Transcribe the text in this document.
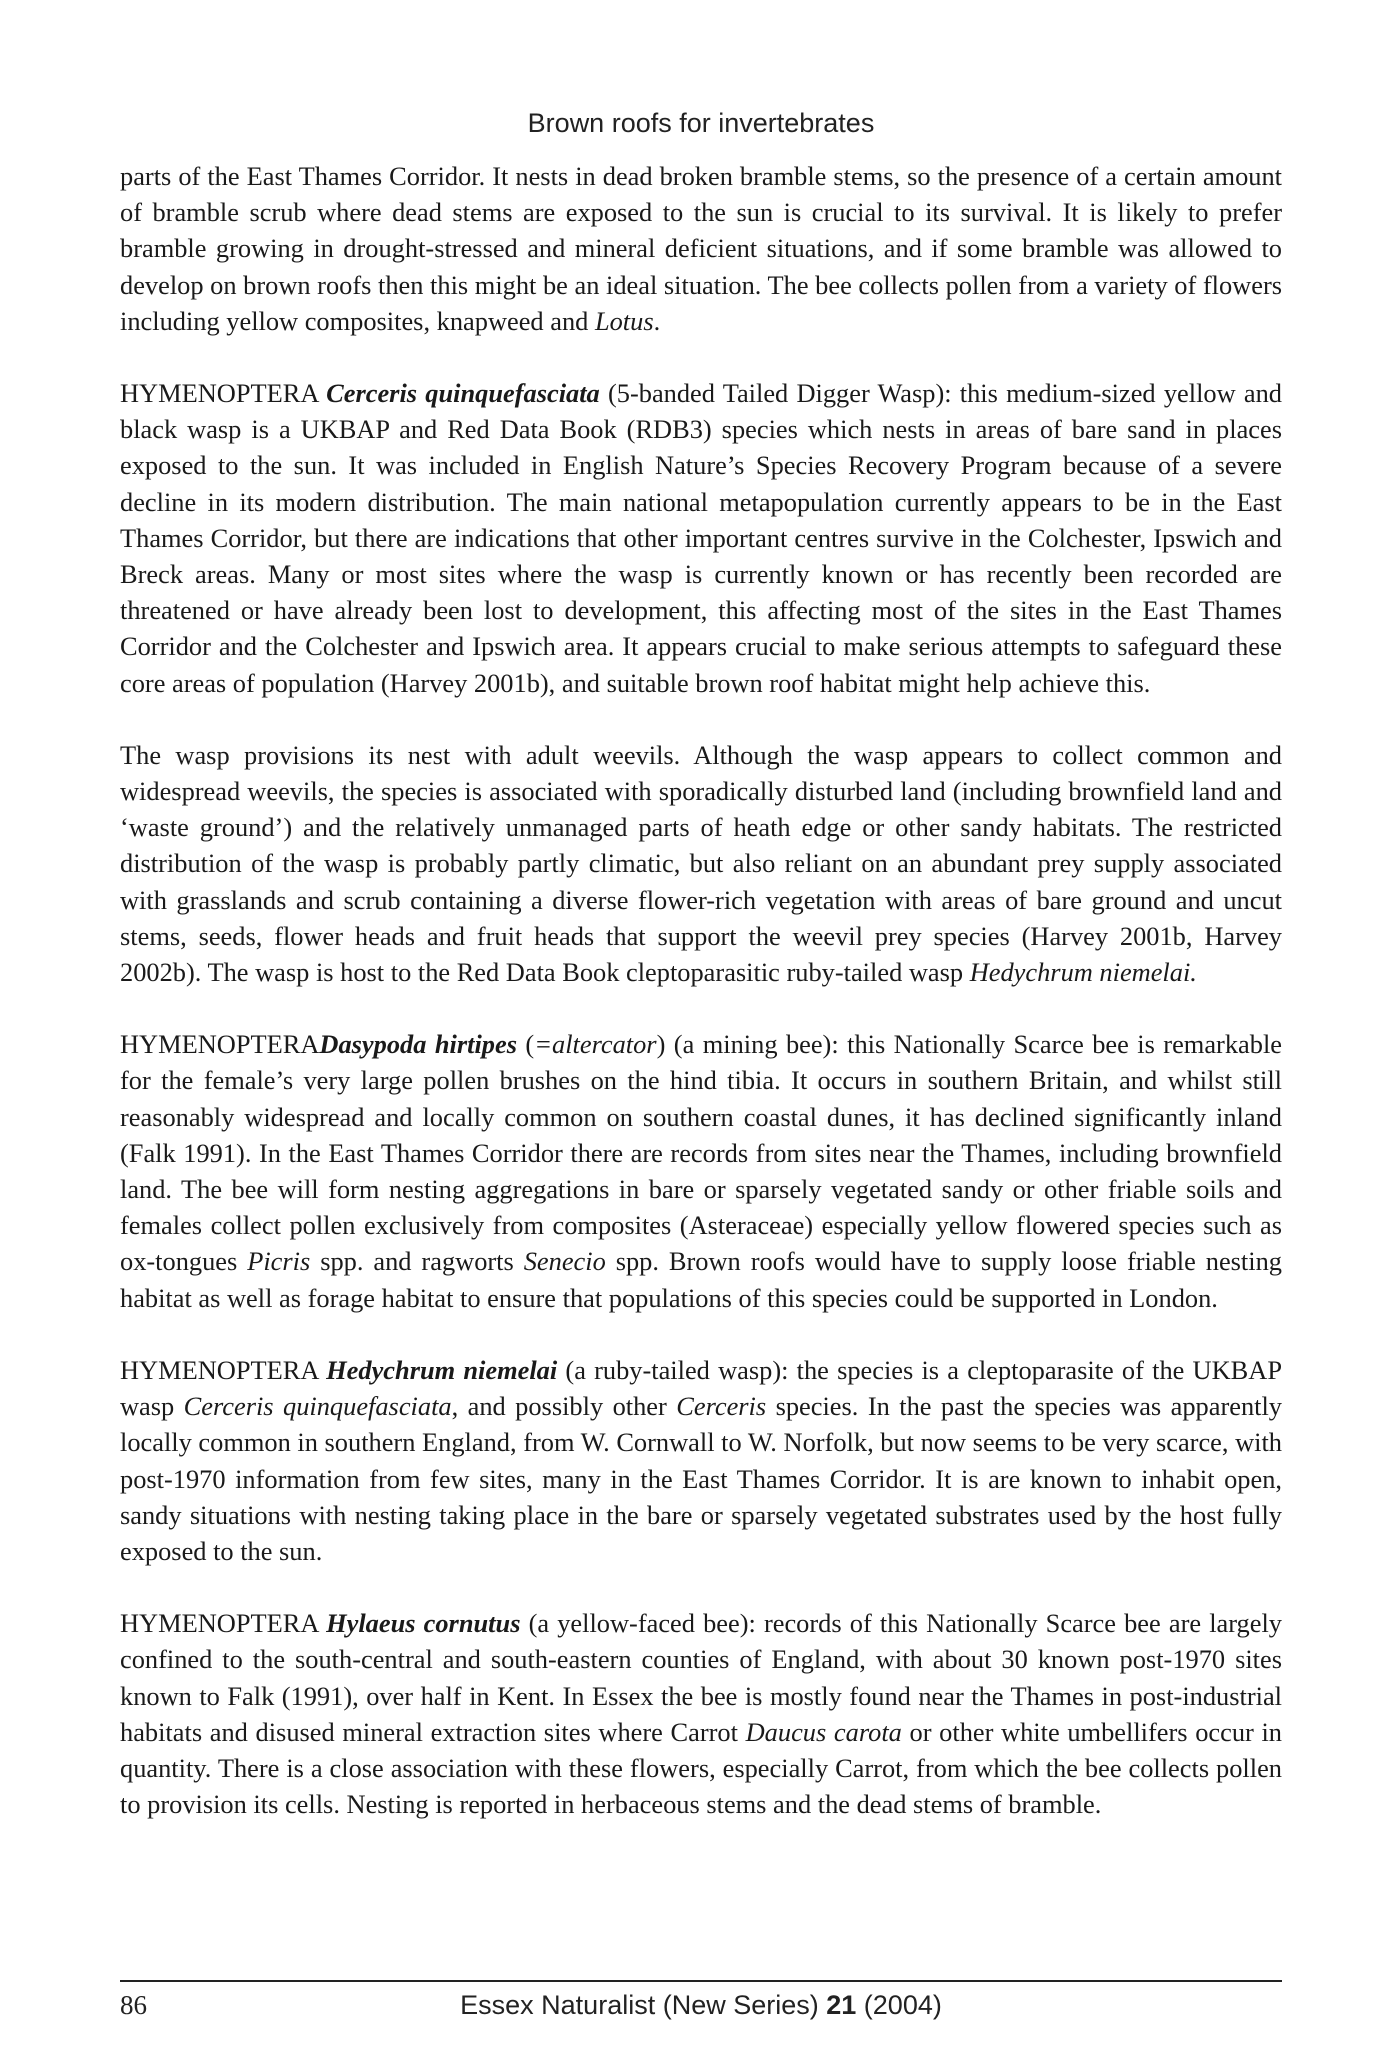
Brown roofs for invertebrates

parts of the East Thames Corridor. It nests in dead broken bramble stems, so the presence of a certain amount of bramble scrub where dead stems are exposed to the sun is crucial to its survival. It is likely to prefer bramble growing in drought-stressed and mineral deficient situations, and if some bramble was allowed to develop on brown roofs then this might be an ideal situation. The bee collects pollen from a variety of flowers including yellow composites, knapweed and Lotus.

HYMENOPTERA Cerceris quinquefasciata (5-banded Tailed Digger Wasp): this medium-sized yellow and black wasp is a UKBAP and Red Data Book (RDB3) species which nests in areas of bare sand in places exposed to the sun. It was included in English Nature’s Species Recovery Program because of a severe decline in its modern distribution. The main national metapopulation currently appears to be in the East Thames Corridor, but there are indications that other important centres survive in the Colchester, Ipswich and Breck areas. Many or most sites where the wasp is currently known or has recently been recorded are threatened or have already been lost to development, this affecting most of the sites in the East Thames Corridor and the Colchester and Ipswich area. It appears crucial to make serious attempts to safeguard these core areas of population (Harvey 2001b), and suitable brown roof habitat might help achieve this.

The wasp provisions its nest with adult weevils. Although the wasp appears to collect common and widespread weevils, the species is associated with sporadically disturbed land (including brownfield land and ‘waste ground’) and the relatively unmanaged parts of heath edge or other sandy habitats. The restricted distribution of the wasp is probably partly climatic, but also reliant on an abundant prey supply associated with grasslands and scrub containing a diverse flower-rich vegetation with areas of bare ground and uncut stems, seeds, flower heads and fruit heads that support the weevil prey species (Harvey 2001b, Harvey 2002b). The wasp is host to the Red Data Book cleptoparasitic ruby-tailed wasp Hedychrum niemelai.

HYMENOPTERADasypoda hirtipes (=altercator) (a mining bee): this Nationally Scarce bee is remarkable for the female’s very large pollen brushes on the hind tibia. It occurs in southern Britain, and whilst still reasonably widespread and locally common on southern coastal dunes, it has declined significantly inland (Falk 1991). In the East Thames Corridor there are records from sites near the Thames, including brownfield land. The bee will form nesting aggregations in bare or sparsely vegetated sandy or other friable soils and females collect pollen exclusively from composites (Asteraceae) especially yellow flowered species such as ox-tongues Picris spp. and ragworts Senecio spp. Brown roofs would have to supply loose friable nesting habitat as well as forage habitat to ensure that populations of this species could be supported in London.

HYMENOPTERA Hedychrum niemelai (a ruby-tailed wasp): the species is a cleptoparasite of the UKBAP wasp Cerceris quinquefasciata, and possibly other Cerceris species. In the past the species was apparently locally common in southern England, from W. Cornwall to W. Norfolk, but now seems to be very scarce, with post-1970 information from few sites, many in the East Thames Corridor. It is are known to inhabit open, sandy situations with nesting taking place in the bare or sparsely vegetated substrates used by the host fully exposed to the sun.

HYMENOPTERA Hylaeus cornutus (a yellow-faced bee): records of this Nationally Scarce bee are largely confined to the south-central and south-eastern counties of England, with about 30 known post-1970 sites known to Falk (1991), over half in Kent. In Essex the bee is mostly found near the Thames in post-industrial habitats and disused mineral extraction sites where Carrot Daucus carota or other white umbellifers occur in quantity. There is a close association with these flowers, especially Carrot, from which the bee collects pollen to provision its cells. Nesting is reported in herbaceous stems and the dead stems of bramble.

86	Essex Naturalist (New Series) 21 (2004)
